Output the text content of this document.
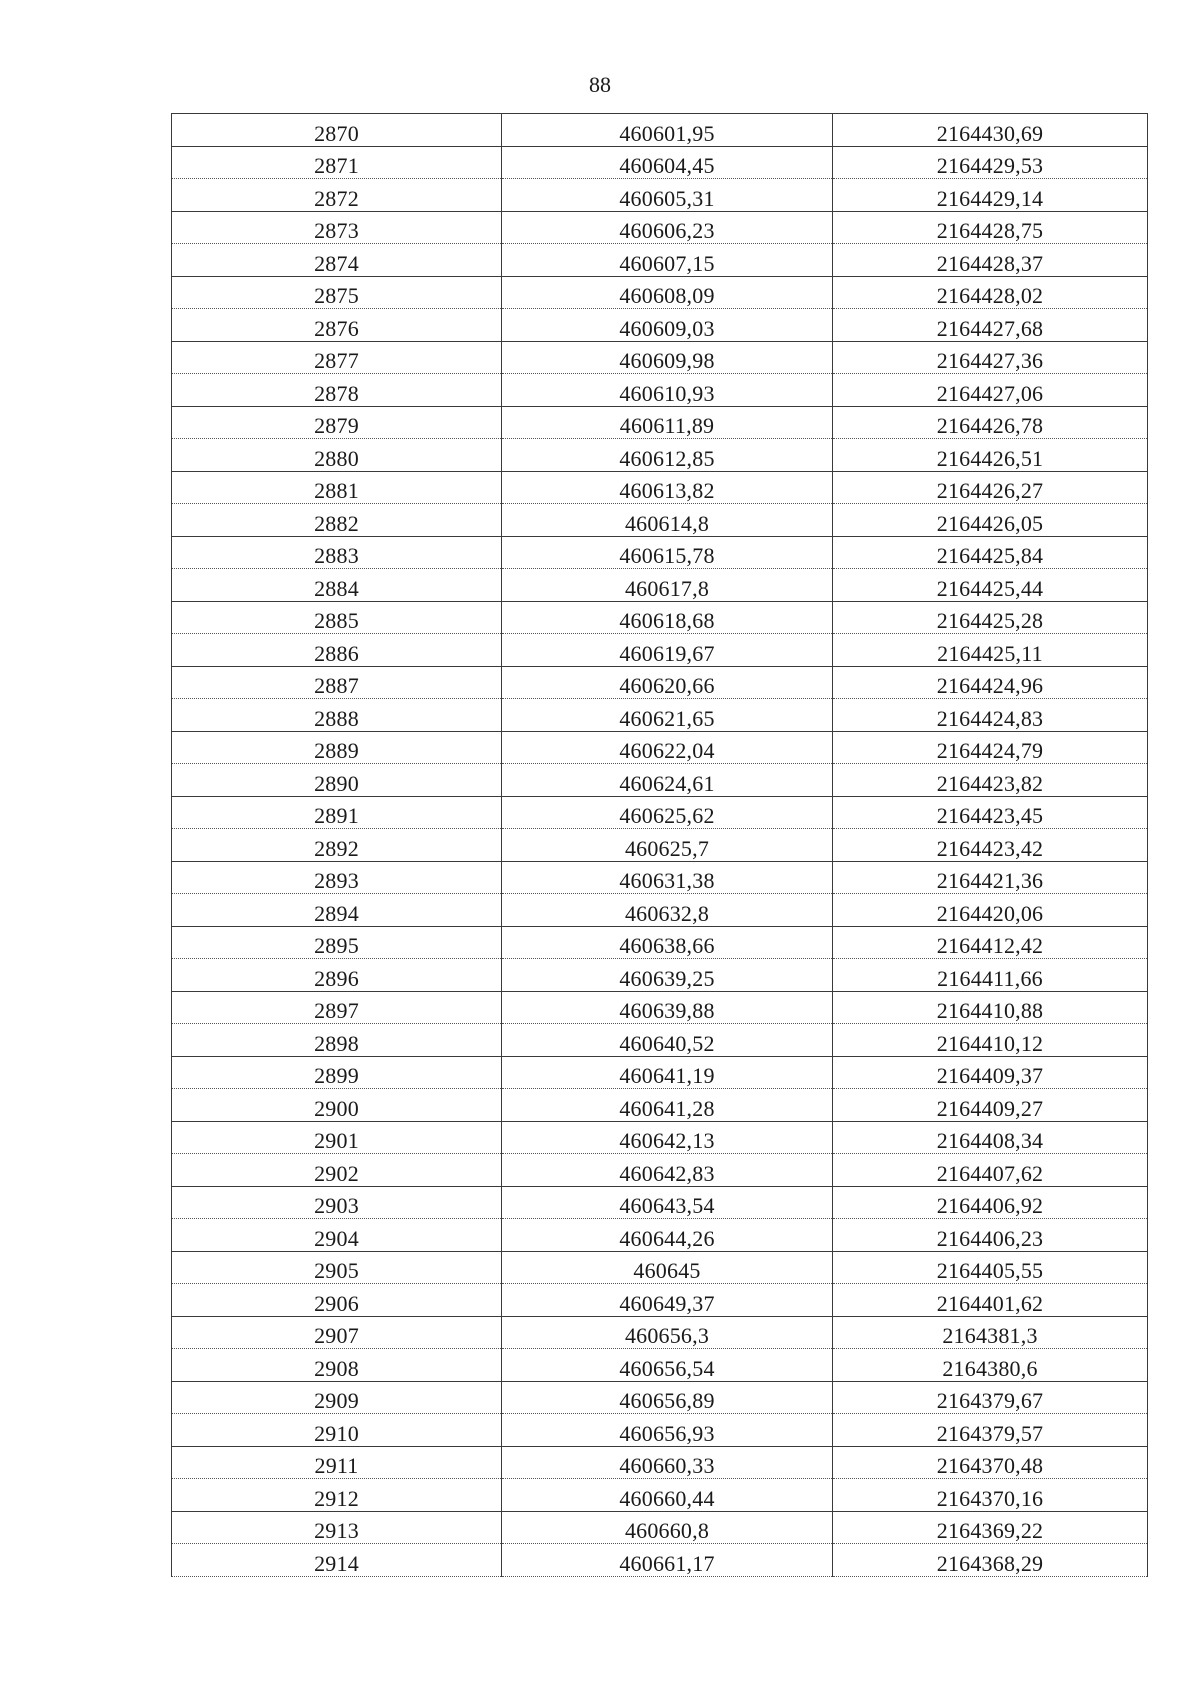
88
2870	460601,95	2164430,69
2871	460604,45	2164429,53
2872	460605,31	2164429,14
2873	460606,23	2164428,75
2874	460607,15	2164428,37
2875	460608,09	2164428,02
2876	460609,03	2164427,68
2877	460609,98	2164427,36
2878	460610,93	2164427,06
2879	460611,89	2164426,78
2880	460612,85	2164426,51
2881	460613,82	2164426,27
2882	460614,8	2164426,05
2883	460615,78	2164425,84
2884	460617,8	2164425,44
2885	460618,68	2164425,28
2886	460619,67	2164425,11
2887	460620,66	2164424,96
2888	460621,65	2164424,83
2889	460622,04	2164424,79
2890	460624,61	2164423,82
2891	460625,62	2164423,45
2892	460625,7	2164423,42
2893	460631,38	2164421,36
2894	460632,8	2164420,06
2895	460638,66	2164412,42
2896	460639,25	2164411,66
2897	460639,88	2164410,88
2898	460640,52	2164410,12
2899	460641,19	2164409,37
2900	460641,28	2164409,27
2901	460642,13	2164408,34
2902	460642,83	2164407,62
2903	460643,54	2164406,92
2904	460644,26	2164406,23
2905	460645	2164405,55
2906	460649,37	2164401,62
2907	460656,3	2164381,3
2908	460656,54	2164380,6
2909	460656,89	2164379,67
2910	460656,93	2164379,57
2911	460660,33	2164370,48
2912	460660,44	2164370,16
2913	460660,8	2164369,22
2914	460661,17	2164368,29
